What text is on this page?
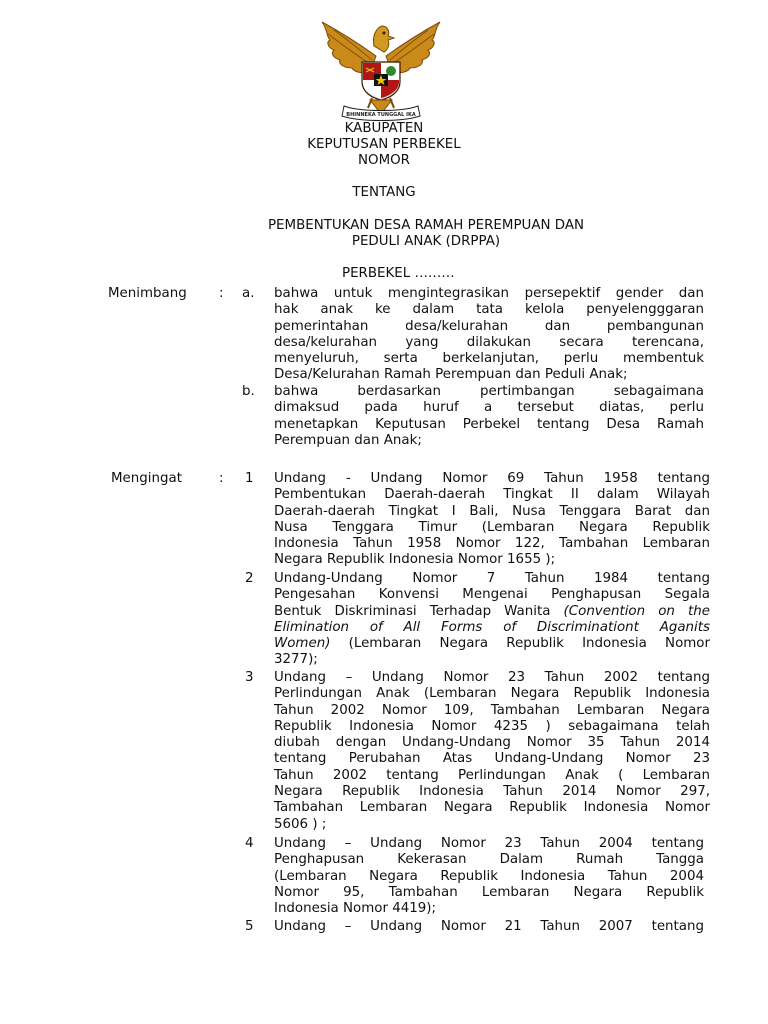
BHINNEKA TUNGGAL IKA
KABUPATEN
KEPUTUSAN PERBEKEL
NOMOR
TENTANG
PEMBENTUKAN DESA RAMAH PEREMPUAN DAN
PEDULI ANAK (DRPPA)
PERBEKEL ………
Menimbang : a. bahwa untuk mengintegrasikan persepektif gender dan
hak anak ke dalam tata kelola penyelengggaran
pemerintahan desa/kelurahan dan pembangunan
desa/kelurahan yang dilakukan secara terencana,
menyeluruh, serta berkelanjutan, perlu membentuk
Desa/Kelurahan Ramah Perempuan dan Peduli Anak;
b. bahwa berdasarkan pertimbangan sebagaimana
dimaksud pada huruf a tersebut diatas, perlu
menetapkan Keputusan Perbekel tentang Desa Ramah
Perempuan dan Anak;
Mengingat	: 1 Undang - Undang Nomor 69 Tahun 1958 tentang
Pembentukan Daerah-daerah Tingkat II dalam Wilayah
Daerah-daerah Tingkat I Bali, Nusa Tenggara Barat dan
Nusa Tenggara Timur (Lembaran Negara Republik
Indonesia Tahun 1958 Nomor 122, Tambahan Lembaran
Negara Republik Indonesia Nomor 1655 );
2 Undang-Undang Nomor 7 Tahun 1984 tentang
Pengesahan Konvensi Mengenai Penghapusan Segala
Bentuk Diskriminasi Terhadap Wanita (Convention on the
Elimination of All Forms of Discriminationt Aganits
Women) (Lembaran Negara Republik Indonesia Nomor
3277);
3 Undang – Undang Nomor 23 Tahun 2002 tentang
Perlindungan Anak (Lembaran Negara Republik Indonesia
Tahun 2002 Nomor 109, Tambahan Lembaran Negara
Republik Indonesia Nomor 4235 ) sebagaimana telah
diubah dengan Undang-Undang Nomor 35 Tahun 2014
tentang Perubahan Atas Undang-Undang Nomor 23
Tahun 2002 tentang Perlindungan Anak ( Lembaran
Negara Republik Indonesia Tahun 2014 Nomor 297,
Tambahan Lembaran Negara Republik Indonesia Nomor
5606 ) ;
4 Undang – Undang Nomor 23 Tahun 2004 tentang
Penghapusan Kekerasan Dalam Rumah Tangga
(Lembaran Negara Republik Indonesia Tahun 2004
Nomor 95, Tambahan Lembaran Negara Republik
Indonesia Nomor 4419);
5 Undang – Undang Nomor 21 Tahun 2007 tentang
